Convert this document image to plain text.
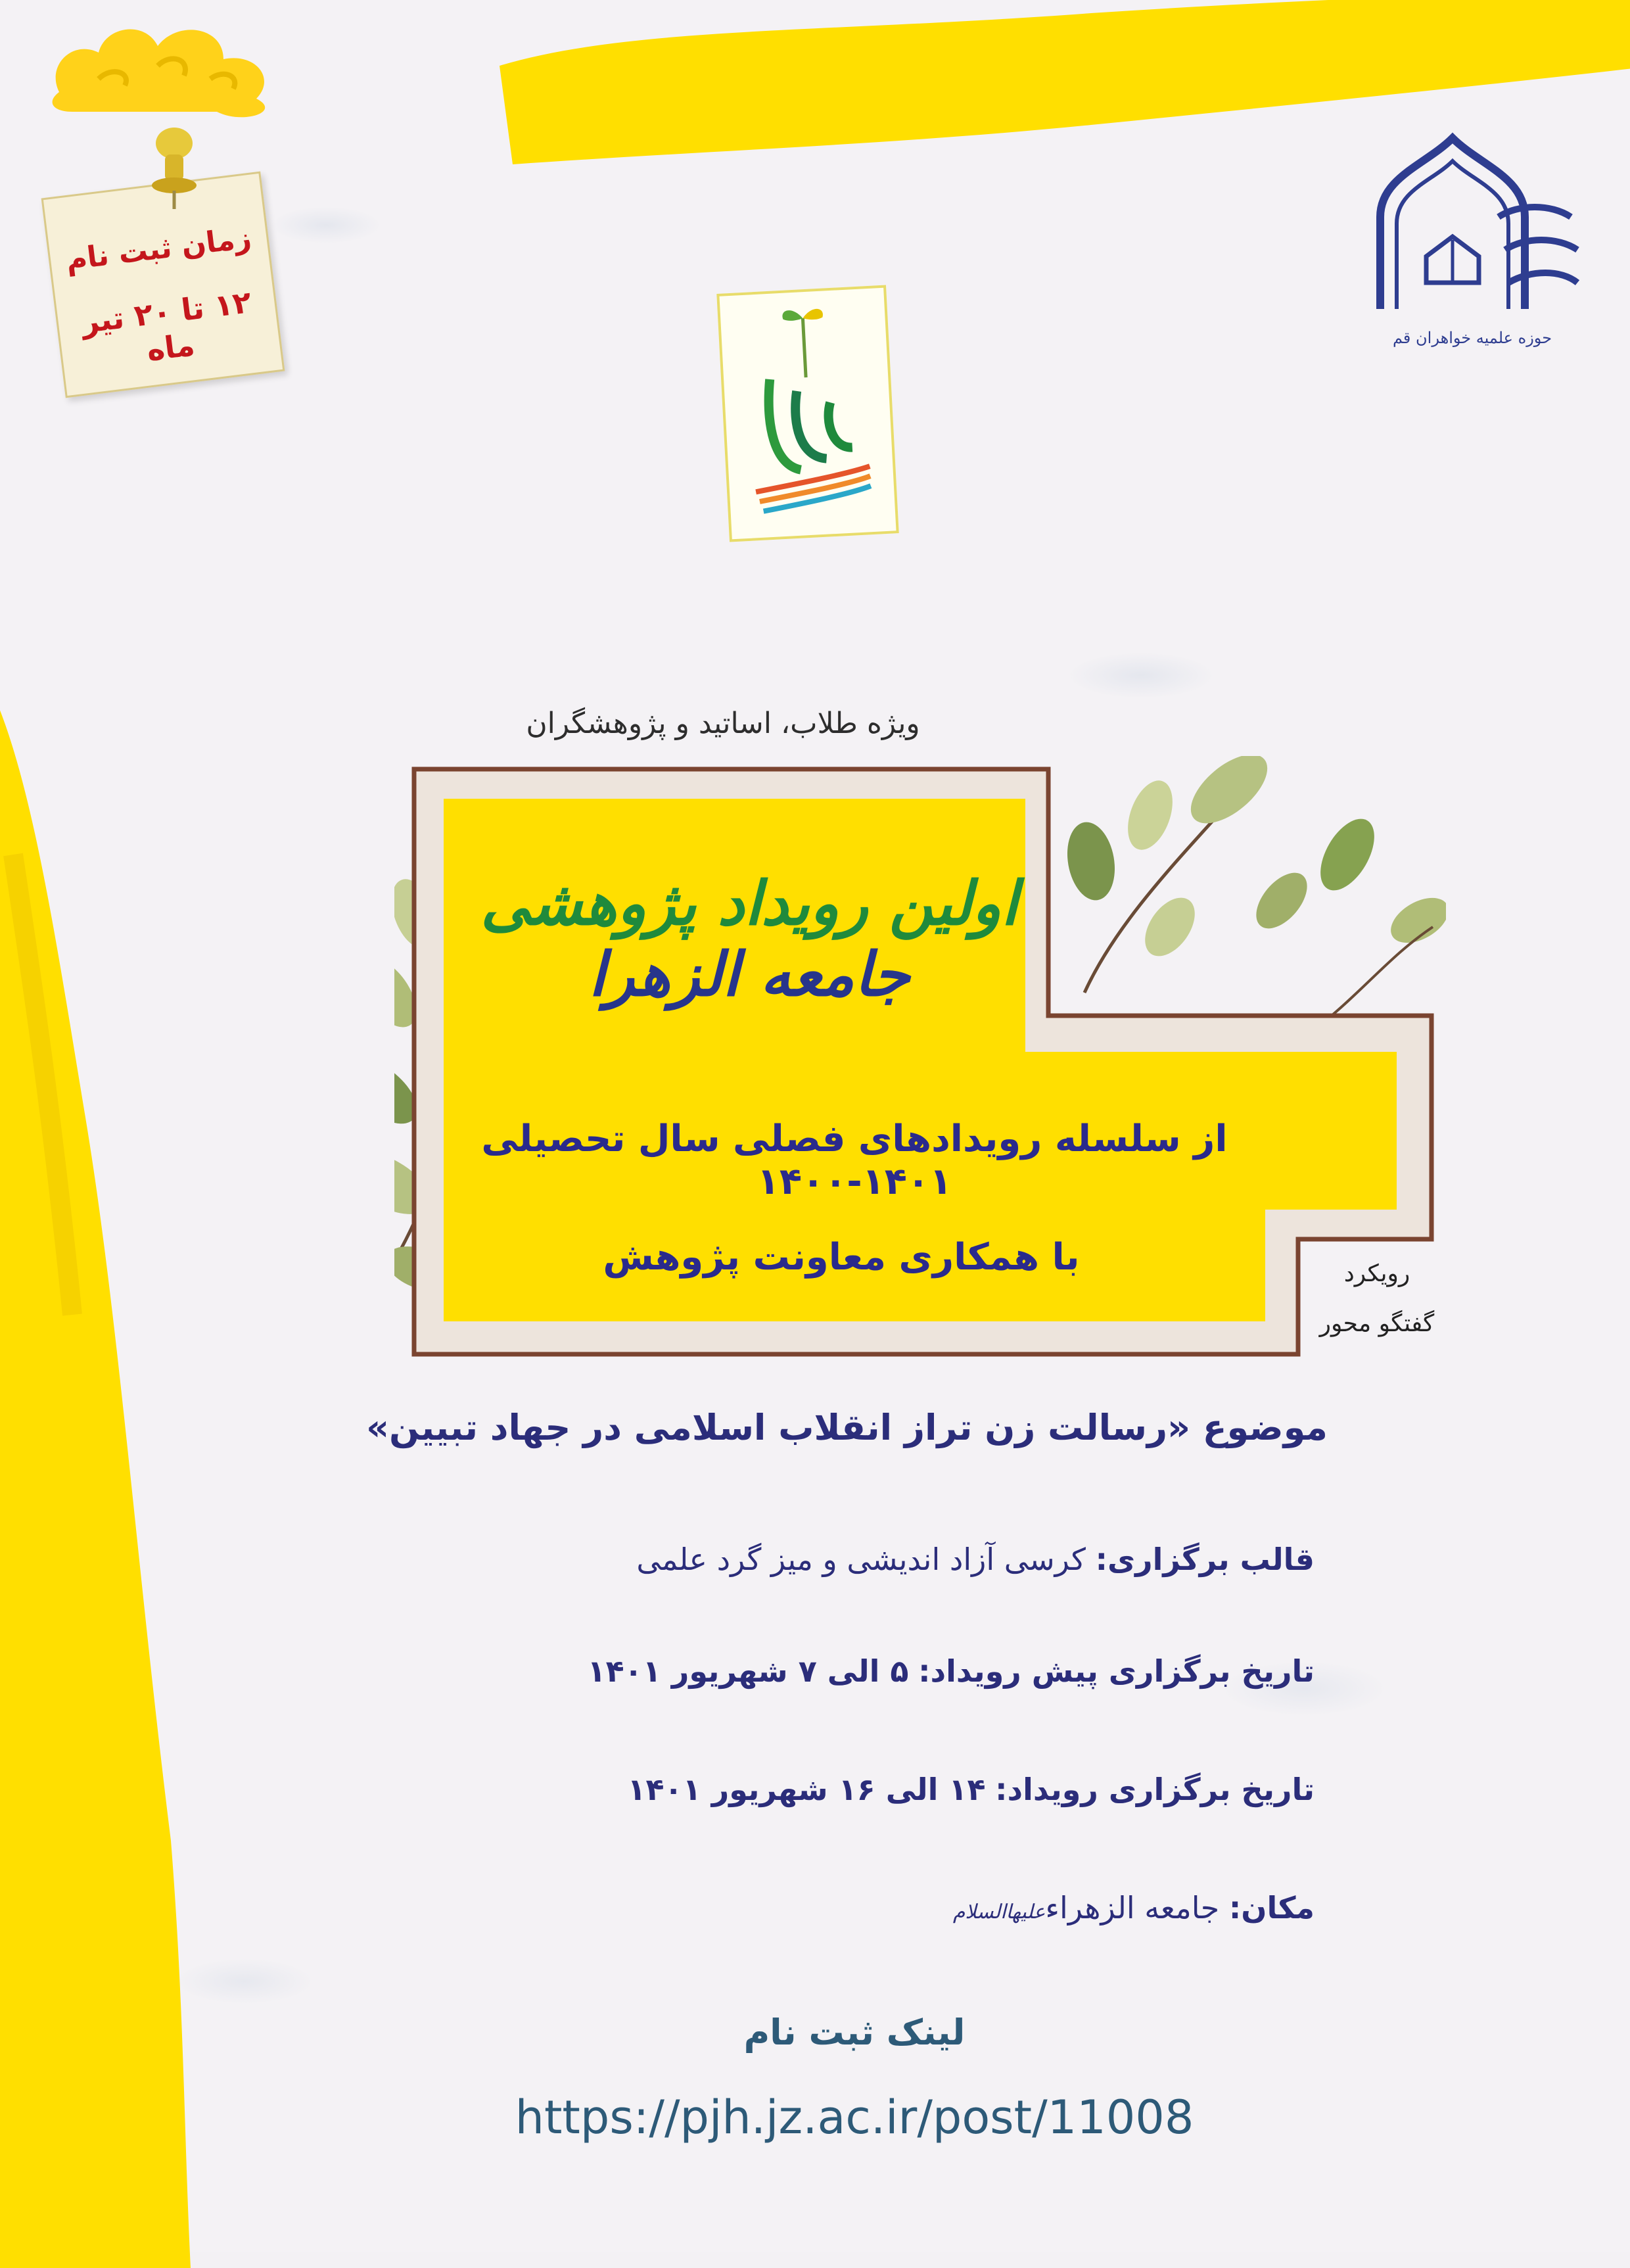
زمان ثبت نام
۱۲ تا ۲۰ تیر ماه	حوزه علمیه خواهران قم
ویژه طلاب، اساتید و پژوهشگران
اولین رویداد پژوهشی جامعه الزهرا
از سلسله رویدادهای فصلی سال تحصیلی ۱۴۰۱-۱۴۰۰
با همکاری معاونت پژوهش	رویکرد
گفتگو محور
موضوع «رسالت زن تراز انقلاب اسلامی در جهاد تبیین»
قالب برگزاری: کرسی آزاد اندیشی و میز گرد علمی
تاریخ برگزاری پیش رویداد: ۵ الی ۷ شهریور ۱۴۰۱
تاریخ برگزاری رویداد: ۱۴ الی ۱۶ شهریور ۱۴۰۱
مکان: جامعه الزهراءعلیهاالسلام
لینک ثبت نام
https://pjh.jz.ac.ir/post/11008
